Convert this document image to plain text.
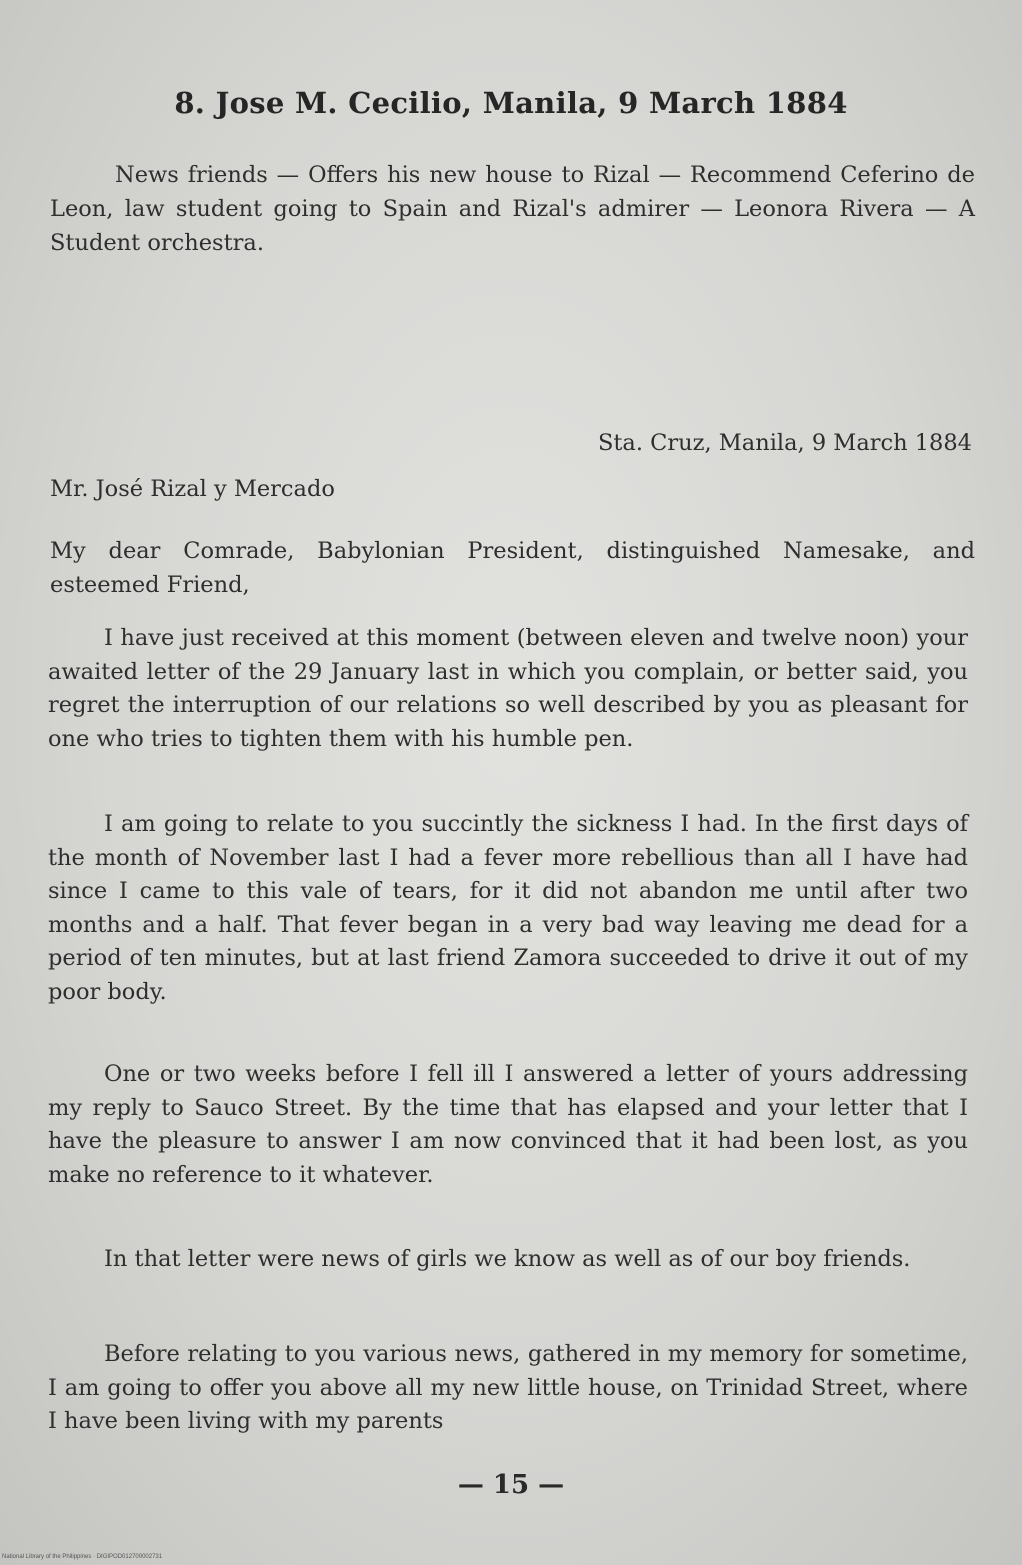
8. Jose M. Cecilio, Manila, 9 March 1884
News friends — Offers his new house to Rizal — Recommend Ceferino de Leon, law student going to Spain and Rizal's admirer — Leonora Rivera — A Student orchestra.
Sta. Cruz, Manila, 9 March 1884
Mr. José Rizal y Mercado
My dear Comrade, Babylonian President, distinguished Namesake, and esteemed Friend,
I have just received at this moment (between eleven and twelve noon) your awaited letter of the 29 January last in which you complain, or better said, you regret the interruption of our relations so well described by you as pleasant for one who tries to tighten them with his humble pen.
I am going to relate to you succintly the sickness I had. In the first days of the month of November last I had a fever more rebellious than all I have had since I came to this vale of tears, for it did not abandon me until after two months and a half. That fever began in a very bad way leaving me dead for a period of ten minutes, but at last friend Zamora succeeded to drive it out of my poor body.
One or two weeks before I fell ill I answered a letter of yours addressing my reply to Sauco Street. By the time that has elapsed and your letter that I have the pleasure to answer I am now convinced that it had been lost, as you make no reference to it whatever.
In that letter were news of girls we know as well as of our boy friends.
Before relating to you various news, gathered in my memory for sometime, I am going to offer you above all my new little house, on Trinidad Street, where I have been living with my parents
— 15 —
National Library of the Philippines · DIGIPOD012700002731
